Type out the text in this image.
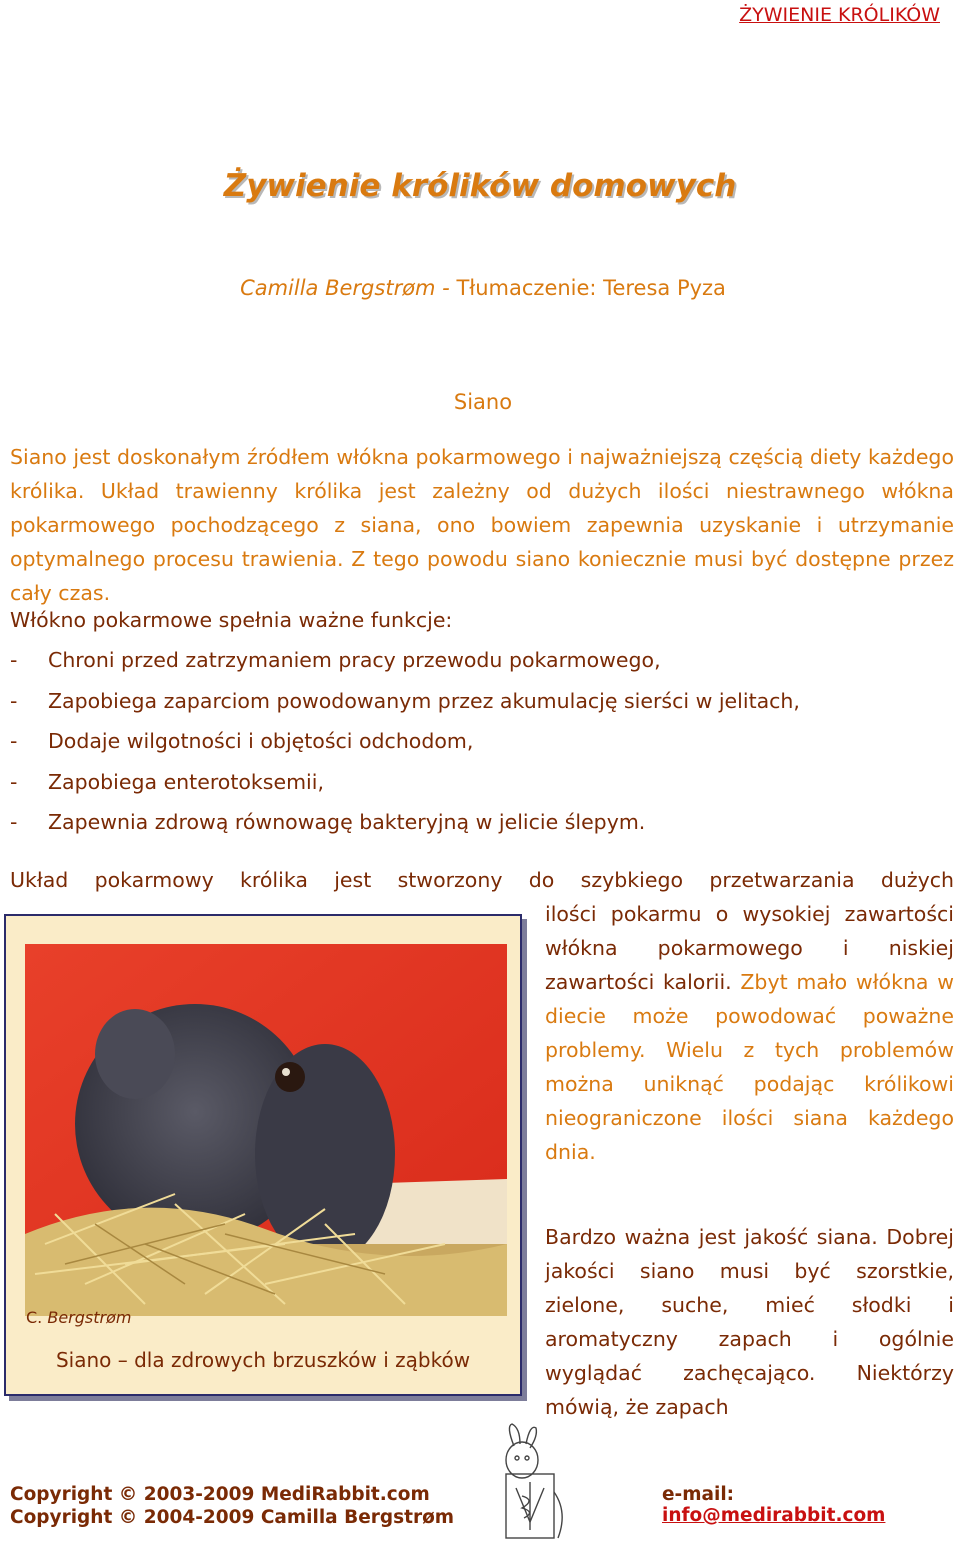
ŻYWIENIE KRÓLIKÓW
Żywienie królików domowych
Camilla Bergstrøm - Tłumaczenie: Teresa Pyza
Siano
Siano jest doskonałym źródłem włókna pokarmowego i najważniejszą częścią diety każdego królika. Układ trawienny królika jest zależny od dużych ilości niestrawnego włókna pokarmowego pochodzącego z siana, ono bowiem zapewnia uzyskanie i utrzymanie optymalnego procesu trawienia. Z tego powodu siano koniecznie musi być dostępne przez cały czas.
Włókno pokarmowe spełnia ważne funkcje:
- Chroni przed zatrzymaniem pracy przewodu pokarmowego,
- Zapobiega zaparciom powodowanym przez akumulację sierści w jelitach,
- Dodaje wilgotności i objętości odchodom,
- Zapobiega enterotoksemii,
- Zapewnia zdrową równowagę bakteryjną w jelicie ślepym.
Układ pokarmowy królika jest stworzony do szybkiego przetwarzania dużych
ilości pokarmu o wysokiej zawartości włókna pokarmowego i niskiej zawartości kalorii. Zbyt mało włókna w diecie może powodować poważne problemy. Wielu z tych problemów można uniknąć podając królikowi nieograniczone ilości siana każdego dnia.
Bardzo ważna jest jakość siana. Dobrej jakości siano musi być szorstkie, zielone, suche, mieć słodki i aromatyczny zapach i ogólnie wyglądać zachęcająco. Niektórzy mówią, że zapach
C. Bergstrøm
Siano – dla zdrowych brzuszków i ząbków
Copyright © 2003-2009 MediRabbit.com
Copyright © 2004-2009 Camilla Bergstrøm
e-mail: info@medirabbit.com
